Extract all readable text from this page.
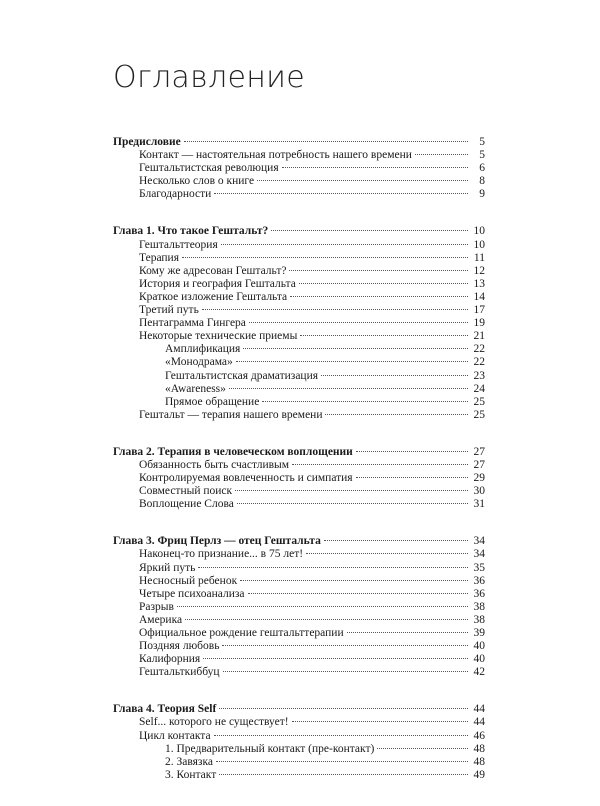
Оглавление
Предисловие	5
Контакт — настоятельная потребность нашего времени	5
Гештальтистская революция	6
Несколько слов о книге	8
Благодарности	9
Глава 1. Что такое Гештальт?	10
Гештальттеория	10
Терапия	11
Кому же адресован Гештальт?	12
История и география Гештальта	13
Краткое изложение Гештальта	14
Третий путь	17
Пентаграмма Гингера	19
Некоторые технические приемы	21
Амплификация	22
«Монодрама»	22
Гештальтистская драматизация	23
«Awareness»	24
Прямое обращение	25
Гештальт — терапия нашего времени	25
Глава 2. Терапия в человеческом воплощении	27
Обязанность быть счастливым	27
Контролируемая вовлеченность и симпатия	29
Совместный поиск	30
Воплощение Слова	31
Глава 3. Фриц Перлз — отец Гештальта	34
Наконец-то признание... в 75 лет!	34
Яркий путь	35
Несносный ребенок	36
Четыре психоанализа	36
Разрыв	38
Америка	38
Официальное рождение гештальттерапии	39
Поздняя любовь	40
Калифорния	40
Гештальткиббуц	42
Глава 4. Теория Self	44
Self... которого не существует!	44
Цикл контакта	46
1. Предварительный контакт (пре-контакт)	48
2. Завязка	48
3. Контакт	49
